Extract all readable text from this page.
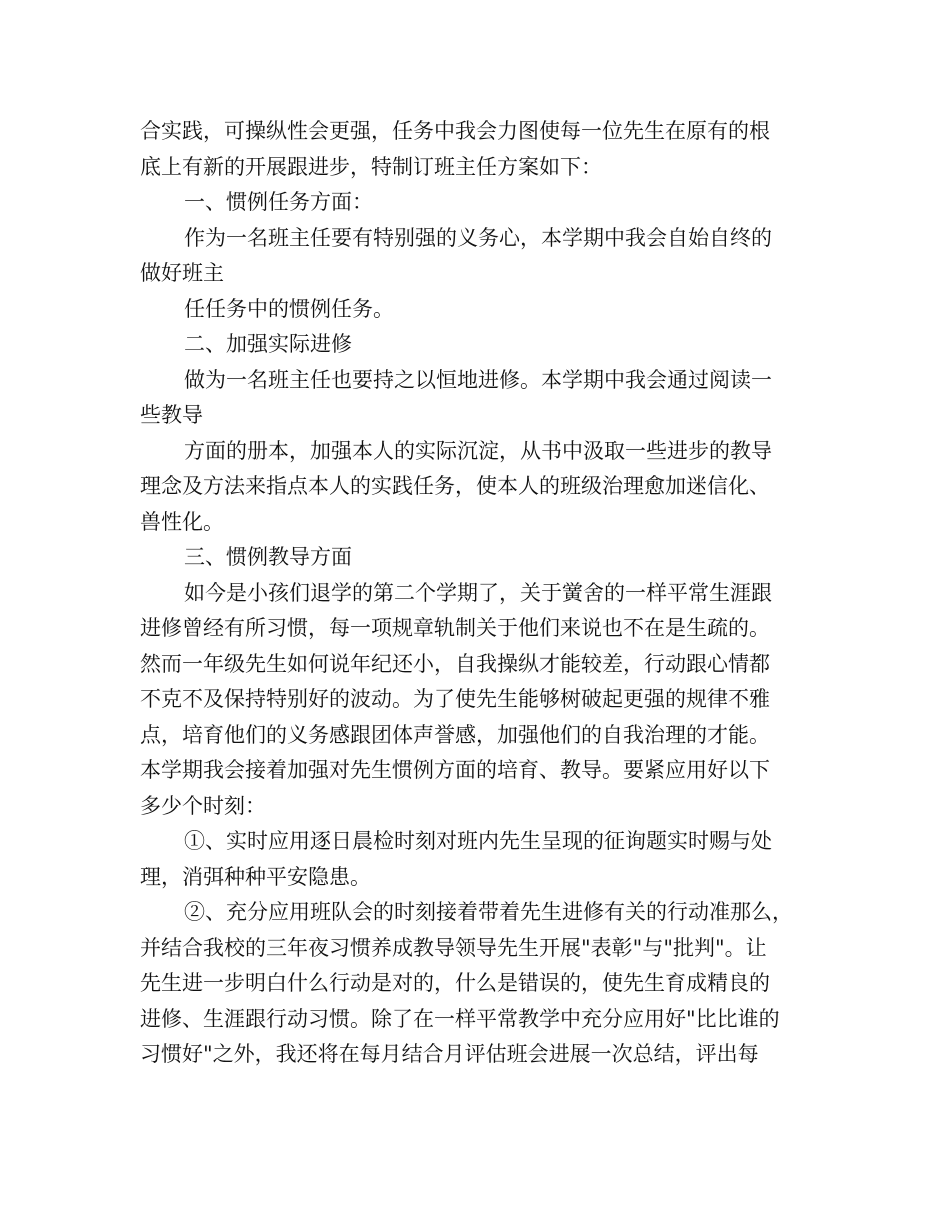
合实践，可操纵性会更强，任务中我会力图使每一位先生在原有的根
底上有新的开展跟进步，特制订班主任方案如下：
一、惯例任务方面：
作为一名班主任要有特别强的义务心，本学期中我会自始自终的
做好班主
任任务中的惯例任务。
二、加强实际进修
做为一名班主任也要持之以恒地进修。本学期中我会通过阅读一
些教导
方面的册本，加强本人的实际沉淀，从书中汲取一些进步的教导
理念及方法来指点本人的实践任务，使本人的班级治理愈加迷信化、
兽性化。
三、惯例教导方面
如今是小孩们退学的第二个学期了，关于黉舍的一样平常生涯跟
进修曾经有所习惯，每一项规章轨制关于他们来说也不在是生疏的。
然而一年级先生如何说年纪还小，自我操纵才能较差，行动跟心情都
不克不及保持特别好的波动。为了使先生能够树破起更强的规律不雅
点，培育他们的义务感跟团体声誉感，加强他们的自我治理的才能。
本学期我会接着加强对先生惯例方面的培育、教导。要紧应用好以下
多少个时刻：
①、实时应用逐日晨检时刻对班内先生呈现的征询题实时赐与处
理，消弭种种平安隐患。
②、充分应用班队会的时刻接着带着先生进修有关的行动准那么，
并结合我校的三年夜习惯养成教导领导先生开展"表彰"与"批判"。让
先生进一步明白什么行动是对的，什么是错误的，使先生育成精良的
进修、生涯跟行动习惯。除了在一样平常教学中充分应用好"比比谁的
习惯好"之外，我还将在每月结合月评估班会进展一次总结，评出每
